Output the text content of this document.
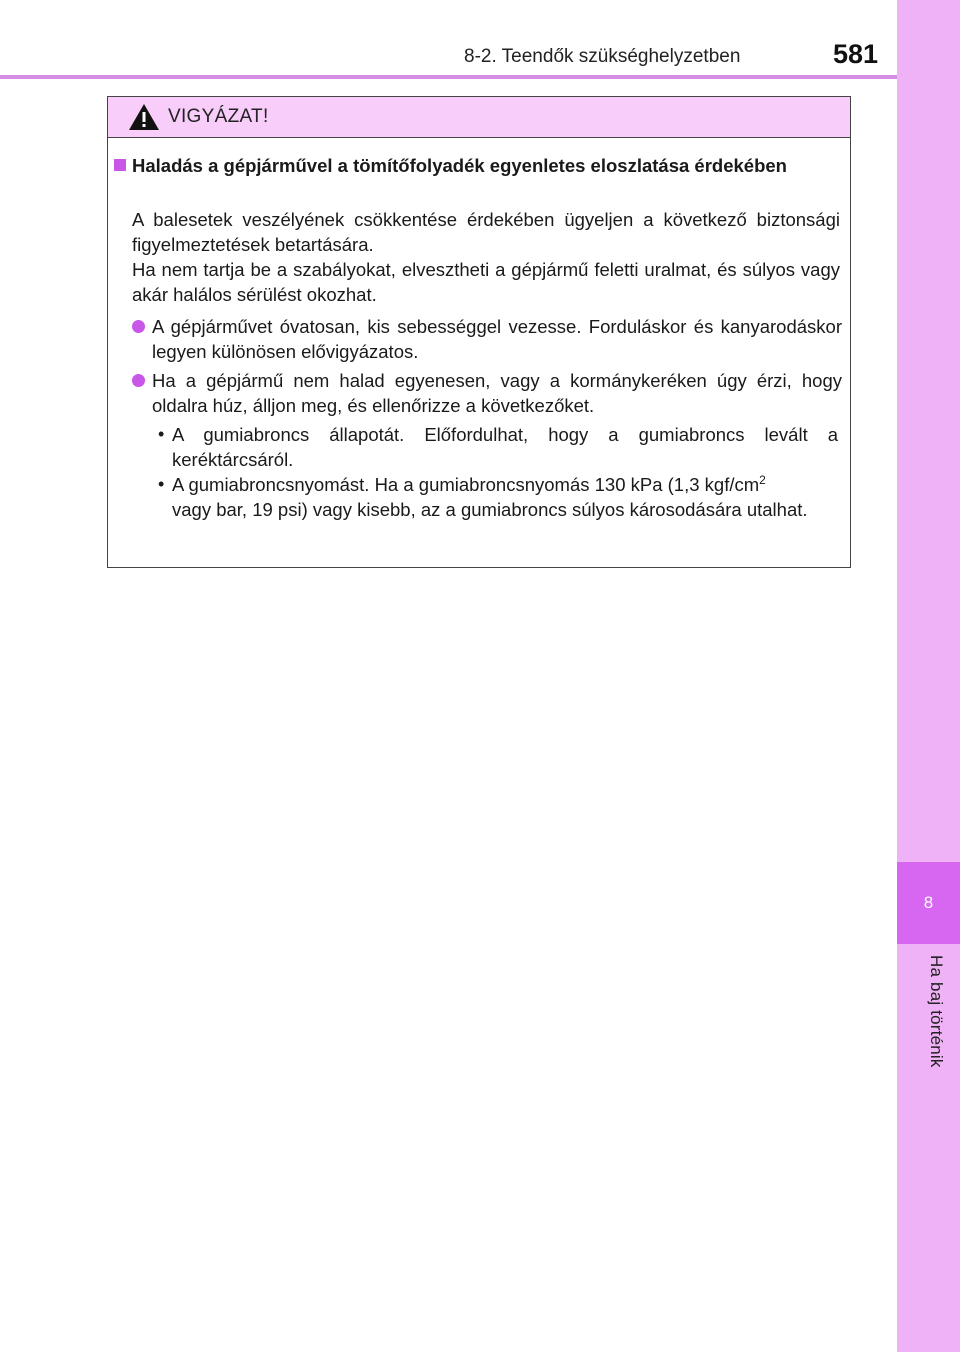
8
Ha baj történik
8-2. Teendők szükséghelyzetben	581
VIGYÁZAT!
Haladás a gépjárművel a tömítőfolyadék egyenletes eloszlatása érdekében
A balesetek veszélyének csökkentése érdekében ügyeljen a következő biztonsági figyelmeztetések betartására.
Ha nem tartja be a szabályokat, elvesztheti a gépjármű feletti uralmat, és súlyos vagy akár halálos sérülést okozhat.
A gépjárművet óvatosan, kis sebességgel vezesse. Forduláskor és kanyarodáskor legyen különösen elővigyázatos.
Ha a gépjármű nem halad egyenesen, vagy a kormánykeréken úgy érzi, hogy oldalra húz, álljon meg, és ellenőrizze a következőket.
• A gumiabroncs állapotát. Előfordulhat, hogy a gumiabroncs levált a keréktárcsáról.
• A gumiabroncsnyomást. Ha a gumiabroncsnyomás 130 kPa (1,3 kgf/$cm^2$
vagy bar, 19 psi) vagy kisebb, az a gumiabroncs súlyos károsodására utalhat.
